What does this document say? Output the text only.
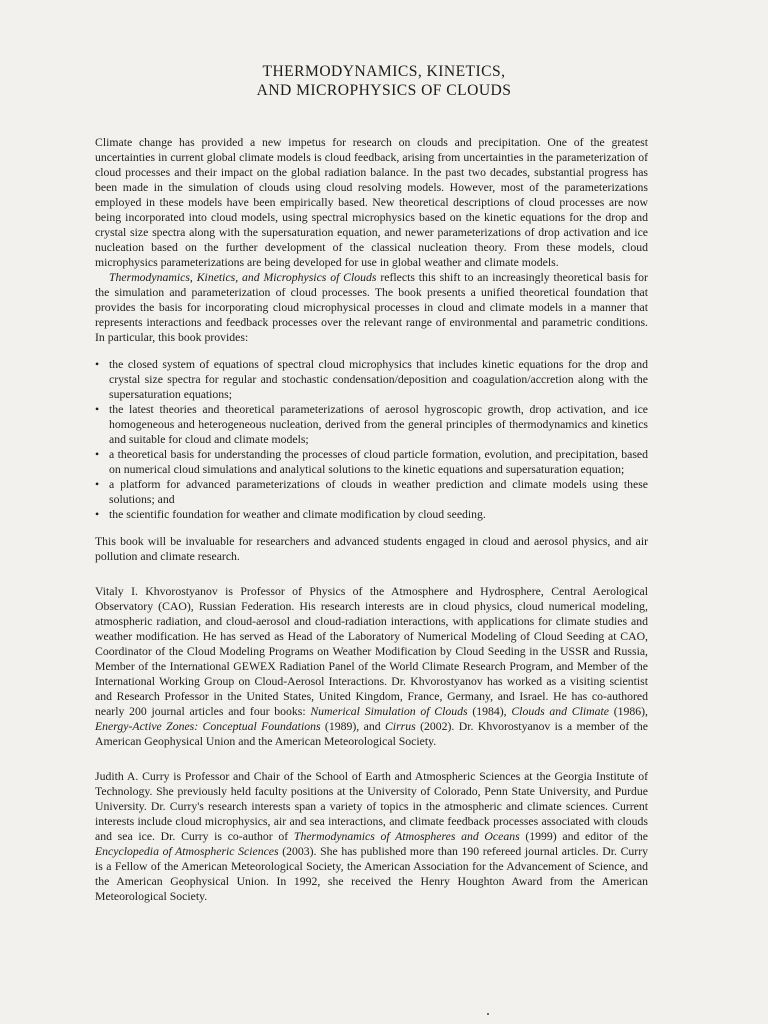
THERMODYNAMICS, KINETICS,
AND MICROPHYSICS OF CLOUDS

Climate change has provided a new impetus for research on clouds and precipitation. One of the greatest uncertainties in current global climate models is cloud feedback, arising from uncertainties in the parameterization of cloud processes and their impact on the global radiation balance. In the past two decades, substantial progress has been made in the simulation of clouds using cloud resolving models. However, most of the parameterizations employed in these models have been empirically based. New theoretical descriptions of cloud processes are now being incorporated into cloud models, using spectral microphysics based on the kinetic equations for the drop and crystal size spectra along with the supersaturation equation, and newer parameterizations of drop activation and ice nucleation based on the further development of the classical nucleation theory. From these models, cloud microphysics parameterizations are being developed for use in global weather and climate models.

Thermodynamics, Kinetics, and Microphysics of Clouds reflects this shift to an increasingly theoretical basis for the simulation and parameterization of cloud processes. The book presents a unified theoretical foundation that provides the basis for incorporating cloud microphysical processes in cloud and climate models in a manner that represents interactions and feedback processes over the relevant range of environmental and parametric conditions. In particular, this book provides:

• the closed system of equations of spectral cloud microphysics that includes kinetic equations for the drop and crystal size spectra for regular and stochastic condensation/deposition and coagulation/accretion along with the supersaturation equations;
• the latest theories and theoretical parameterizations of aerosol hygroscopic growth, drop activation, and ice homogeneous and heterogeneous nucleation, derived from the general principles of thermodynamics and kinetics and suitable for cloud and climate models;
• a theoretical basis for understanding the processes of cloud particle formation, evolution, and precipitation, based on numerical cloud simulations and analytical solutions to the kinetic equations and supersaturation equation;
• a platform for advanced parameterizations of clouds in weather prediction and climate models using these solutions; and
• the scientific foundation for weather and climate modification by cloud seeding.

This book will be invaluable for researchers and advanced students engaged in cloud and aerosol physics, and air pollution and climate research.

Vitaly I. Khvorostyanov is Professor of Physics of the Atmosphere and Hydrosphere, Central Aerological Observatory (CAO), Russian Federation. His research interests are in cloud physics, cloud numerical modeling, atmospheric radiation, and cloud-aerosol and cloud-radiation interactions, with applications for climate studies and weather modification. He has served as Head of the Laboratory of Numerical Modeling of Cloud Seeding at CAO, Coordinator of the Cloud Modeling Programs on Weather Modification by Cloud Seeding in the USSR and Russia, Member of the International GEWEX Radiation Panel of the World Climate Research Program, and Member of the International Working Group on Cloud-Aerosol Interactions. Dr. Khvorostyanov has worked as a visiting scientist and Research Professor in the United States, United Kingdom, France, Germany, and Israel. He has co-authored nearly 200 journal articles and four books: Numerical Simulation of Clouds (1984), Clouds and Climate (1986), Energy-Active Zones: Conceptual Foundations (1989), and Cirrus (2002). Dr. Khvorostyanov is a member of the American Geophysical Union and the American Meteorological Society.

Judith A. Curry is Professor and Chair of the School of Earth and Atmospheric Sciences at the Georgia Institute of Technology. She previously held faculty positions at the University of Colorado, Penn State University, and Purdue University. Dr. Curry's research interests span a variety of topics in the atmospheric and climate sciences. Current interests include cloud microphysics, air and sea interactions, and climate feedback processes associated with clouds and sea ice. Dr. Curry is co-author of Thermodynamics of Atmospheres and Oceans (1999) and editor of the Encyclopedia of Atmospheric Sciences (2003). She has published more than 190 refereed journal articles. Dr. Curry is a Fellow of the American Meteorological Society, the American Association for the Advancement of Science, and the American Geophysical Union. In 1992, she received the Henry Houghton Award from the American Meteorological Society.
